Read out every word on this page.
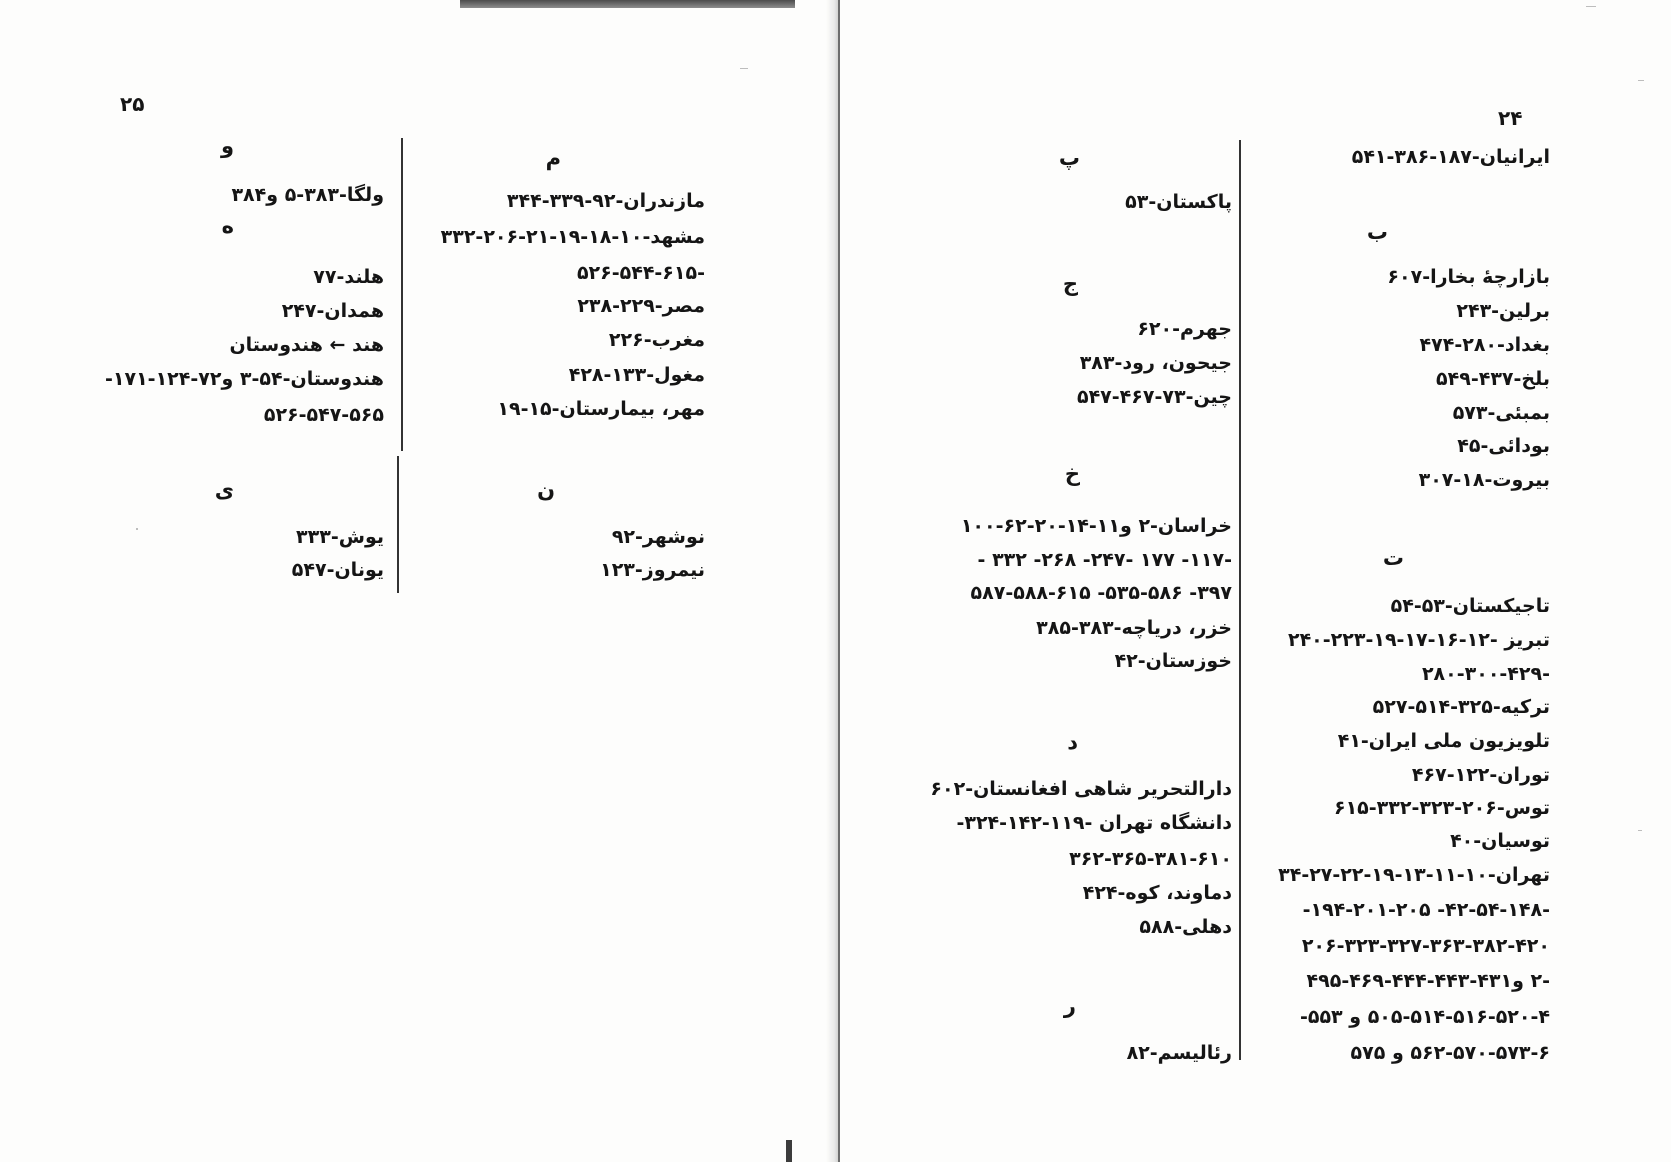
۲۵
م
مازندران-۹۲-۳۳۹-۳۴۴
مشهد-۱۰-۱۸-۱۹-۲۱-۲۰۶-۳۳۲
-۵۲۶-۵۴۴-۶۱۵
مصر-۲۲۹-۲۳۸
مغرب-۲۲۶
مغول-۱۳۳-۴۲۸
مهر، بیمارستان-۱۵-۱۹
ن
نوشهر-۹۲
نیمروز-۱۲۳
و
ولگا-۳۸۳-۵ و۳۸۴
ه
هلند-۷۷
همدان-۲۴۷
هند ← هندوستان
هندوستان-۵۴-۳ و۷۲-۱۲۴-۱۷۱-
۵۲۶-۵۴۷-۵۶۵
ی
یوش-۳۳۳
یونان-۵۴۷
۲۴
ایرانیان-۱۸۷-۳۸۶-۵۴۱
ب
بازارچهٔ بخارا-۶۰۷
برلین-۲۴۳
بغداد-۲۸۰-۴۷۴
بلخ-۴۳۷-۵۴۹
بمبئی-۵۷۳
بودائی-۴۵
بیروت-۱۸-۳۰۷
ت
تاجیکستان-۵۳-۵۴
تبریز -۱۲-۱۶-۱۷-۱۹-۲۲۳-۲۴۰
-۲۸۰-۳۰۰-۴۲۹
ترکیه-۳۲۵-۵۱۴-۵۲۷
تلویزیون ملی ایران-۴۱
توران-۱۲۲-۴۶۷
توس-۲۰۶-۳۲۳-۳۳۲-۶۱۵
توسیان-۴۰
تهران-۱۰-۱۱-۱۳-۱۹-۲۲-۲۷-۳۴
-۴۲-۵۴-۱۴۸- ۱۹۴-۲۰۱-۲۰۵-
۲۰۶-۳۲۳-۳۲۷-۳۶۳-۳۸۲-۴۲۰
-۲ و۴۳۱-۴۴۳-۴۴۴-۴۶۹-۴۹۵
۵۰۵-۵۱۴-۵۱۶-۵۲۰-۴ و ۵۵۳-
۵۶۲-۵۷۰-۵۷۳-۶ و ۵۷۵
پ
پاکستان-۵۳
ج
جهرم-۶۲۰
جیحون، رود-۳۸۳
چین-۷۳-۴۶۷-۵۴۷
خ
خراسان-۲ و۱۱-۱۴-۲۰-۶۲-۱۰۰
-۱۱۷- ۱۷۷ -۲۴۷- ۲۶۸- ۳۳۲ -
۳۹۷- ۵۳۵-۵۸۶- ۵۸۷-۵۸۸-۶۱۵
خزر، دریاچه-۳۸۳-۳۸۵
خوزستان-۴۲
د
دارالتحریر شاهی افغانستان-۶۰۲
دانشگاه تهران -۱۱۹-۱۴۲-۳۲۴-
۳۶۲-۳۶۵-۳۸۱-۶۱۰
دماوند، کوه-۴۲۴
دهلی-۵۸۸
ر
رئالیسم-۸۲
